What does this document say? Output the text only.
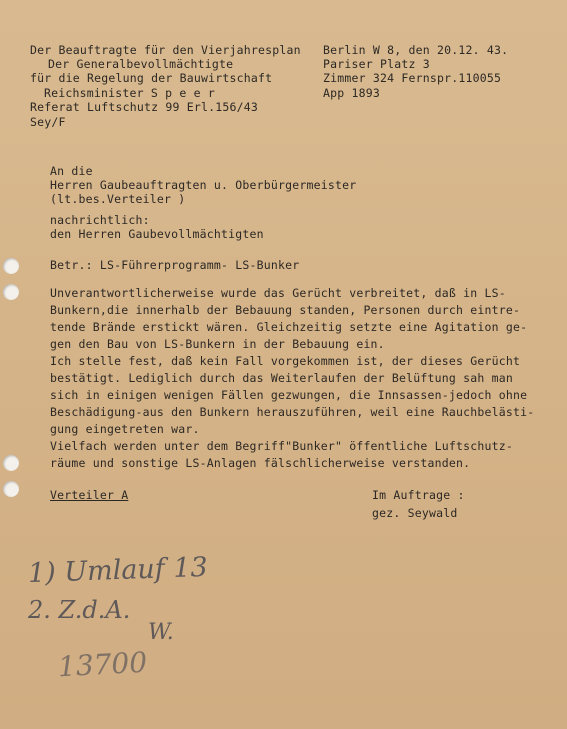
Der Beauftragte für den Vierjahresplan
Der Generalbevollmächtigte
für die Regelung der Bauwirtschaft
Reichsminister S p e e r
Referat Luftschutz 99 Erl.156/43
Sey/F
Berlin W 8, den 20.12. 43.
Pariser Platz 3
Zimmer 324 Fernspr.110055
App 1893
An die
Herren Gaubeauftragten u. Oberbürgermeister
(lt.bes.Verteiler )
nachrichtlich:
den Herren Gaubevollmächtigten
Betr.: LS-Führerprogramm- LS-Bunker
Unverantwortlicherweise wurde das Gerücht verbreitet, daß in LS-
Bunkern,die innerhalb der Bebauung standen, Personen durch eintre-
tende Brände erstickt wären. Gleichzeitig setzte eine Agitation ge-
gen den Bau von LS-Bunkern in der Bebauung ein.
Ich stelle fest, daß kein Fall vorgekommen ist, der dieses Gerücht
bestätigt. Lediglich durch das Weiterlaufen der Belüftung sah man
sich in einigen wenigen Fällen gezwungen, die Innsassen-jedoch ohne
Beschädigung-aus den Bunkern herauszuführen, weil eine Rauchbelästi-
gung eingetreten war.
Vielfach werden unter dem Begriff"Bunker" öffentliche Luftschutz-
räume und sonstige LS-Anlagen fälschlicherweise verstanden.
Verteiler A	Im Auftrage :
gez. Seywald
1) Umlauf 13
2. Z.d.A.
W.
13700
